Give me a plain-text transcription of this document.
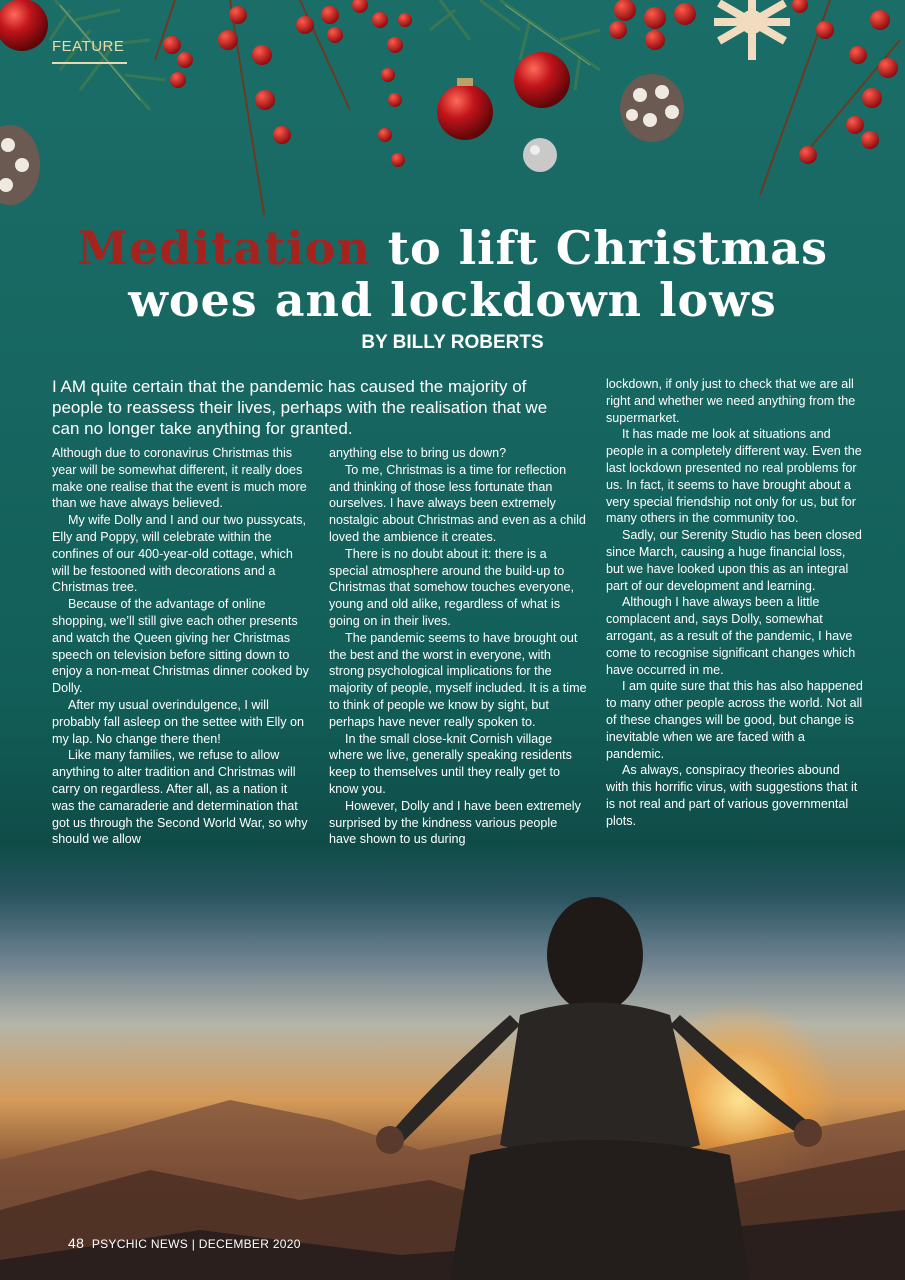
FEATURE
Meditation to lift Christmas
woes and lockdown lows
BY BILLY ROBERTS
I AM quite certain that the pandemic has caused the majority of people to reassess their lives, perhaps with the realisation that we can no longer take anything for granted.

Although due to coronavirus Christmas this year will be somewhat different, it really does make one realise that the event is much more than we have always believed.

My wife Dolly and I and our two pussycats, Elly and Poppy, will celebrate within the confines of our 400-year-old cottage, which will be festooned with decorations and a Christmas tree.

Because of the advantage of online shopping, we’ll still give each other presents and watch the Queen giving her Christmas speech on television before sitting down to enjoy a non-meat Christmas dinner cooked by Dolly.

After my usual overindulgence, I will probably fall asleep on the settee with Elly on my lap. No change there then!

Like many families, we refuse to allow anything to alter tradition and Christmas will carry on regardless. After all, as a nation it was the camaraderie and determination that got us through the Second World War, so why should we allow

anything else to bring us down?

To me, Christmas is a time for reflection and thinking of those less fortunate than ourselves. I have always been extremely nostalgic about Christmas and even as a child loved the ambience it creates.

There is no doubt about it: there is a special atmosphere around the build-up to Christmas that somehow touches everyone, young and old alike, regardless of what is going on in their lives.

The pandemic seems to have brought out the best and the worst in everyone, with strong psychological implications for the majority of people, myself included. It is a time to think of people we know by sight, but perhaps have never really spoken to.

In the small close-knit Cornish village where we live, generally speaking residents keep to themselves until they really get to know you.

However, Dolly and I have been extremely surprised by the kindness various people have shown to us during

lockdown, if only just to check that we are all right and whether we need anything from the supermarket.

It has made me look at situations and people in a completely different way. Even the last lockdown presented no real problems for us. In fact, it seems to have brought about a very special friendship not only for us, but for many others in the community too.

Sadly, our Serenity Studio has been closed since March, causing a huge financial loss, but we have looked upon this as an integral part of our development and learning.

Although I have always been a little complacent and, says Dolly, somewhat arrogant, as a result of the pandemic, I have come to recognise significant changes which have occurred in me.

I am quite sure that this has also happened to many other people across the world. Not all of these changes will be good, but change is inevitable when we are faced with a pandemic.

As always, conspiracy theories abound with this horrific virus, with suggestions that it is not real and part of various governmental plots.

48 PSYCHIC NEWS | DECEMBER 2020
